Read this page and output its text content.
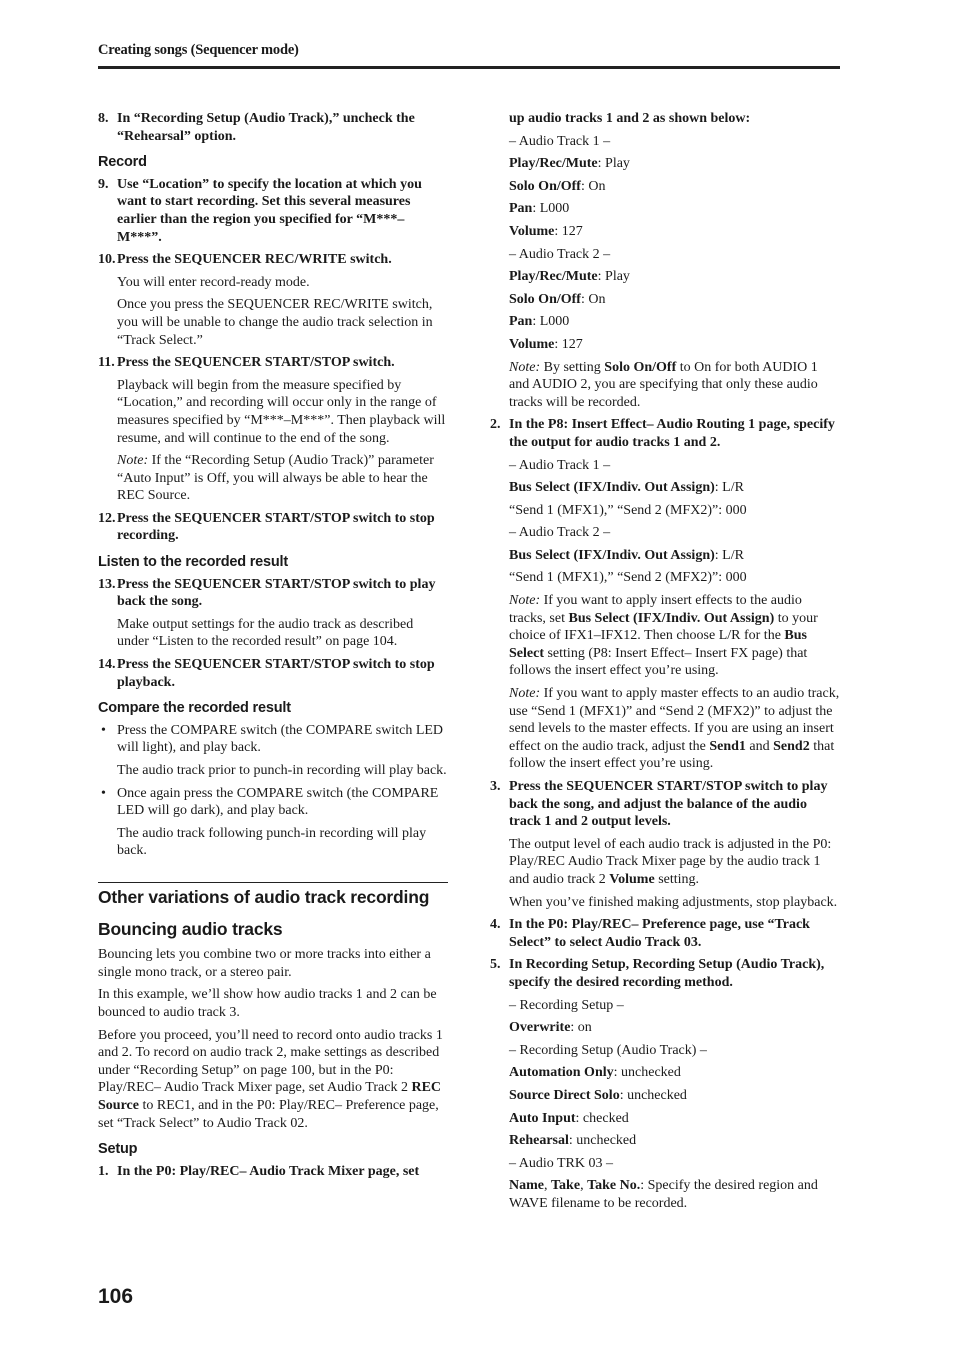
Creating songs (Sequencer mode)
8. In “Recording Setup (Audio Track),” uncheck the “Rehearsal” option.
Record
9. Use “Location” to specify the location at which you want to start recording. Set this several measures earlier than the region you specified for “M***–M***”.
10. Press the SEQUENCER REC/WRITE switch.
You will enter record-ready mode.
Once you press the SEQUENCER REC/WRITE switch, you will be unable to change the audio track selection in “Track Select.”
11. Press the SEQUENCER START/STOP switch.
Playback will begin from the measure specified by “Location,” and recording will occur only in the range of measures specified by “M***–M***”. Then playback will resume, and will continue to the end of the song.
Note: If the “Recording Setup (Audio Track)” parameter “Auto Input” is Off, you will always be able to hear the REC Source.
12. Press the SEQUENCER START/STOP switch to stop recording.
Listen to the recorded result
13. Press the SEQUENCER START/STOP switch to play back the song.
Make output settings for the audio track as described under “Listen to the recorded result” on page 104.
14. Press the SEQUENCER START/STOP switch to stop playback.
Compare the recorded result
• Press the COMPARE switch (the COMPARE switch LED will light), and play back.
The audio track prior to punch-in recording will play back.
• Once again press the COMPARE switch (the COMPARE LED will go dark), and play back.
The audio track following punch-in recording will play back.
Other variations of audio track recording
Bouncing audio tracks
Bouncing lets you combine two or more tracks into either a single mono track, or a stereo pair.
In this example, we’ll show how audio tracks 1 and 2 can be bounced to audio track 3.
Before you proceed, you’ll need to record onto audio tracks 1 and 2. To record on audio track 2, make settings as described under “Recording Setup” on page 100, but in the P0: Play/REC– Audio Track Mixer page, set Audio Track 2 REC Source to REC1, and in the P0: Play/REC– Preference page, set “Track Select” to Audio Track 02.
Setup
1. In the P0: Play/REC– Audio Track Mixer page, set
up audio tracks 1 and 2 as shown below:
– Audio Track 1 –
Play/Rec/Mute: Play
Solo On/Off: On
Pan: L000
Volume: 127
– Audio Track 2 –
Play/Rec/Mute: Play
Solo On/Off: On
Pan: L000
Volume: 127
Note: By setting Solo On/Off to On for both AUDIO 1 and AUDIO 2, you are specifying that only these audio tracks will be recorded.
2. In the P8: Insert Effect– Audio Routing 1 page, specify the output for audio tracks 1 and 2.
– Audio Track 1 –
Bus Select (IFX/Indiv. Out Assign): L/R
“Send 1 (MFX1),” “Send 2 (MFX2)”: 000
– Audio Track 2 –
Bus Select (IFX/Indiv. Out Assign): L/R
“Send 1 (MFX1),” “Send 2 (MFX2)”: 000
Note: If you want to apply insert effects to the audio tracks, set Bus Select (IFX/Indiv. Out Assign) to your choice of IFX1–IFX12. Then choose L/R for the Bus Select setting (P8: Insert Effect– Insert FX page) that follows the insert effect you’re using.
Note: If you want to apply master effects to an audio track, use “Send 1 (MFX1)” and “Send 2 (MFX2)” to adjust the send levels to the master effects. If you are using an insert effect on the audio track, adjust the Send1 and Send2 that follow the insert effect you’re using.
3. Press the SEQUENCER START/STOP switch to play back the song, and adjust the balance of the audio track 1 and 2 output levels.
The output level of each audio track is adjusted in the P0: Play/REC Audio Track Mixer page by the audio track 1 and audio track 2 Volume setting.
When you’ve finished making adjustments, stop playback.
4. In the P0: Play/REC– Preference page, use “Track Select” to select Audio Track 03.
5. In Recording Setup, Recording Setup (Audio Track), specify the desired recording method.
– Recording Setup –
Overwrite: on
– Recording Setup (Audio Track) –
Automation Only: unchecked
Source Direct Solo: unchecked
Auto Input: checked
Rehearsal: unchecked
– Audio TRK 03 –
Name, Take, Take No.: Specify the desired region and WAVE filename to be recorded.
106
